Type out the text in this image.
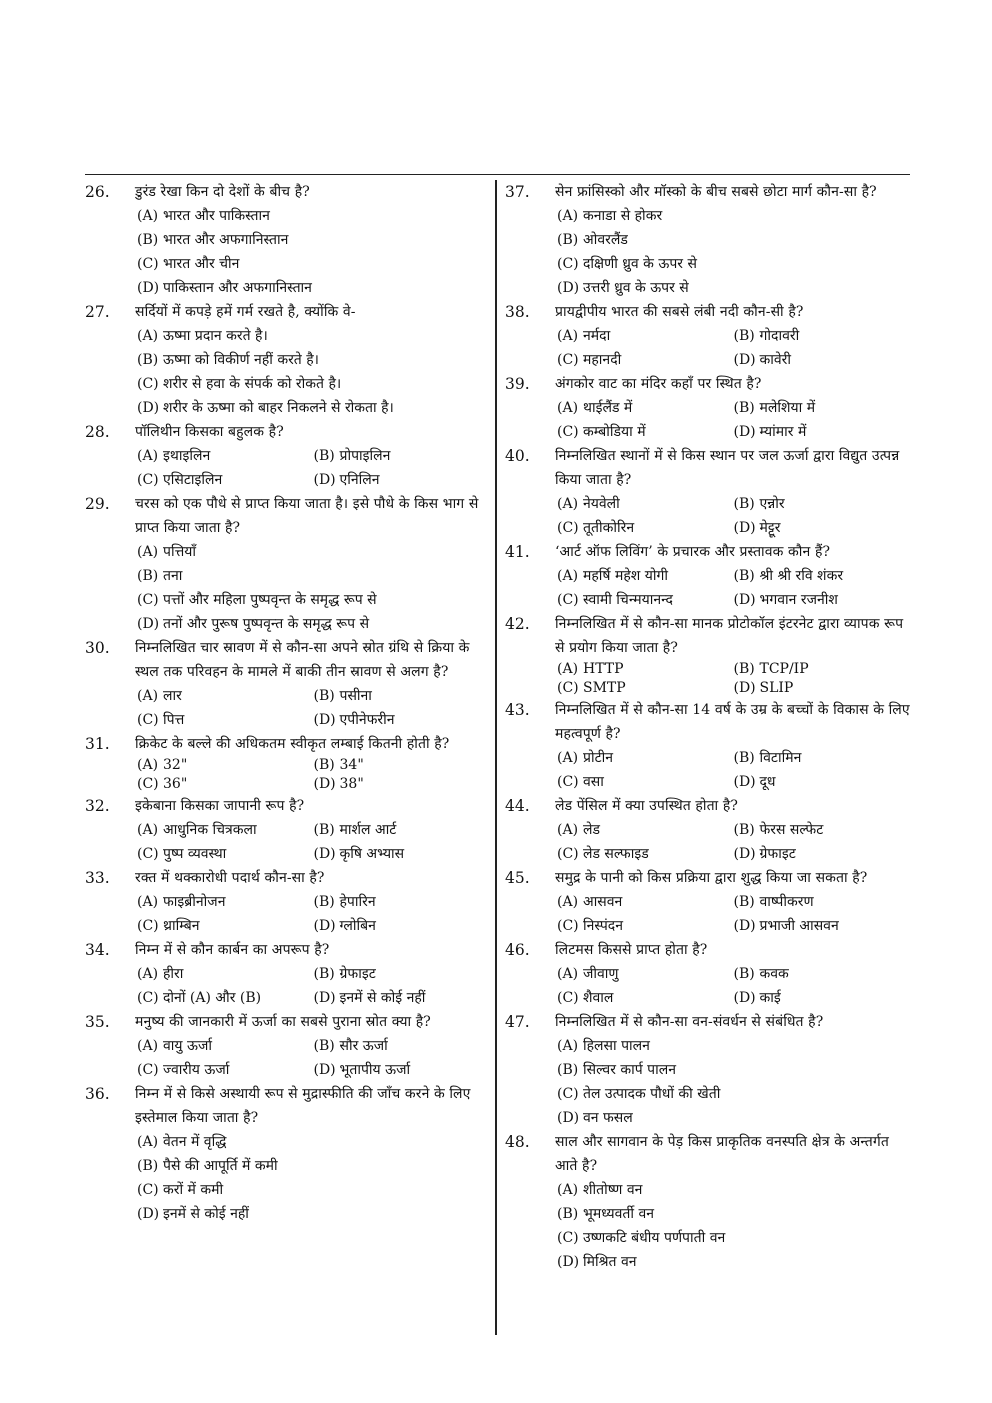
26. डुरंड रेखा किन दो देशों के बीच है?
(A) भारत और पाकिस्तान
(B) भारत और अफगानिस्तान
(C) भारत और चीन
(D) पाकिस्तान और अफगानिस्तान
27. सर्दियों में कपड़े हमें गर्म रखते है, क्योंकि वे-
(A) ऊष्मा प्रदान करते है।
(B) ऊष्मा को विकीर्ण नहीं करते है।
(C) शरीर से हवा के संपर्क को रोकते है।
(D) शरीर के ऊष्मा को बाहर निकलने से रोकता है।
28. पॉलिथीन किसका बहुलक है?
(A) इथाइलिन	(B) प्रोपाइलिन
(C) एसिटाइलिन	(D) एनिलिन
29. चरस को एक पौधे से प्राप्त किया जाता है। इसे पौधे के किस भाग से प्राप्त किया जाता है?
(A) पत्तियाँ
(B) तना
(C) पत्तों और महिला पुष्पवृन्त के समृद्ध रूप से
(D) तनों और पुरूष पुष्पवृन्त के समृद्ध रूप से
30. निम्नलिखित चार स्रावण में से कौन-सा अपने स्रोत ग्रंथि से क्रिया के स्थल तक परिवहन के मामले में बाकी तीन स्रावण से अलग है?
(A) लार	(B) पसीना
(C) पित्त	(D) एपीनेफरीन
31. क्रिकेट के बल्ले की अधिकतम स्वीकृत लम्बाई कितनी होती है?
(A) 32"	(B) 34"
(C) 36"	(D) 38"
32. इकेबाना किसका जापानी रूप है?
(A) आधुनिक चित्रकला	(B) मार्शल आर्ट
(C) पुष्प व्यवस्था	(D) कृषि अभ्यास
33. रक्त में थक्कारोधी पदार्थ कौन-सा है?
(A) फाइब्रीनोजन	(B) हेपारिन
(C) थ्राम्बिन	(D) ग्लोबिन
34. निम्न में से कौन कार्बन का अपरूप है?
(A) हीरा	(B) ग्रेफाइट
(C) दोनों (A) और (B)	(D) इनमें से कोई नहीं
35. मनुष्य की जानकारी में ऊर्जा का सबसे पुराना स्रोत क्या है?
(A) वायु ऊर्जा	(B) सौर ऊर्जा
(C) ज्वारीय ऊर्जा	(D) भूतापीय ऊर्जा
36. निम्न में से किसे अस्थायी रूप से मुद्रास्फीति की जाँच करने के लिए इस्तेमाल किया जाता है?
(A) वेतन में वृद्धि
(B) पैसे की आपूर्ति में कमी
(C) करों में कमी
(D) इनमें से कोई नहीं
37. सेन फ्रांसिस्को और मॉस्को के बीच सबसे छोटा मार्ग कौन-सा है?
(A) कनाडा से होकर
(B) ओवरलैंड
(C) दक्षिणी ध्रुव के ऊपर से
(D) उत्तरी ध्रुव के ऊपर से
38. प्रायद्वीपीय भारत की सबसे लंबी नदी कौन-सी है?
(A) नर्मदा	(B) गोदावरी
(C) महानदी	(D) कावेरी
39. अंगकोर वाट का मंदिर कहाँ पर स्थित है?
(A) थाईलैंड में	(B) मलेशिया में
(C) कम्बोडिया में	(D) म्यांमार में
40. निम्नलिखित स्थानों में से किस स्थान पर जल ऊर्जा द्वारा विद्युत उत्पन्न किया जाता है?
(A) नेयवेली	(B) एन्नोर
(C) तूतीकोरिन	(D) मेट्टूर
41. ‘आर्ट ऑफ लिविंग’ के प्रचारक और प्रस्तावक कौन हैं?
(A) महर्षि महेश योगी	(B) श्री श्री रवि शंकर
(C) स्वामी चिन्मयानन्द	(D) भगवान रजनीश
42. निम्नलिखित में से कौन-सा मानक प्रोटोकॉल इंटरनेट द्वारा व्यापक रूप से प्रयोग किया जाता है?
(A) HTTP	(B) TCP/IP
(C) SMTP	(D) SLIP
43. निम्नलिखित में से कौन-सा 14 वर्ष के उम्र के बच्चों के विकास के लिए महत्वपूर्ण है?
(A) प्रोटीन	(B) विटामिन
(C) वसा	(D) दूध
44. लेड पेंसिल में क्या उपस्थित होता है?
(A) लेड	(B) फेरस सल्फेट
(C) लेड सल्फाइड	(D) ग्रेफाइट
45. समुद्र के पानी को किस प्रक्रिया द्वारा शुद्ध किया जा सकता है?
(A) आसवन	(B) वाष्पीकरण
(C) निस्पंदन	(D) प्रभाजी आसवन
46. लिटमस किससे प्राप्त होता है?
(A) जीवाणु	(B) कवक
(C) शैवाल	(D) काई
47. निम्नलिखित में से कौन-सा वन-संवर्धन से संबंधित है?
(A) हिलसा पालन
(B) सिल्वर कार्प पालन
(C) तेल उत्पादक पौधों की खेती
(D) वन फसल
48. साल और सागवान के पेड़ किस प्राकृतिक वनस्पति क्षेत्र के अन्तर्गत आते है?
(A) शीतोष्ण वन
(B) भूमध्यवर्ती वन
(C) उष्णकटि बंधीय पर्णपाती वन
(D) मिश्रित वन
